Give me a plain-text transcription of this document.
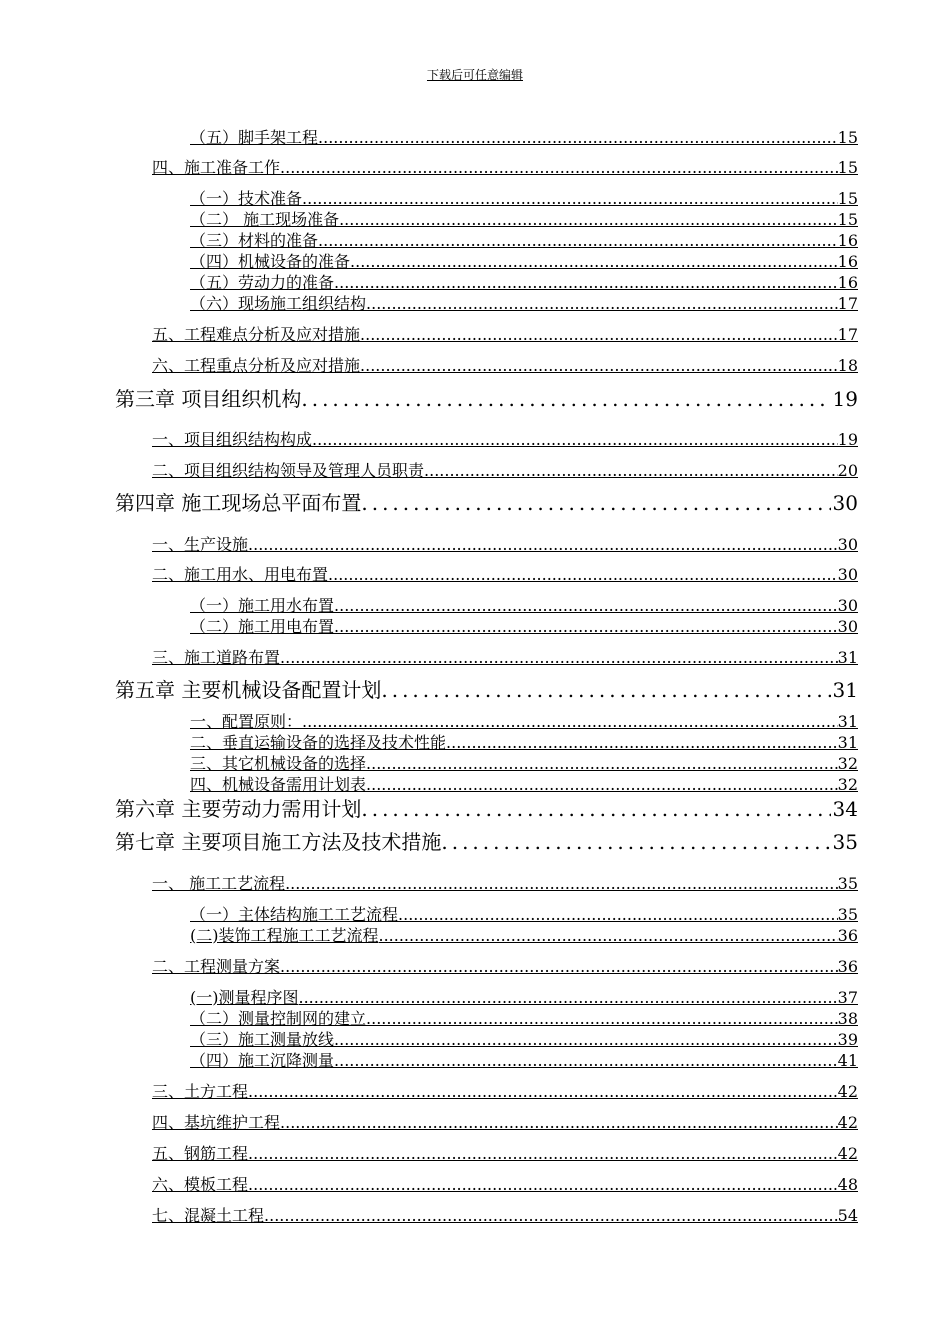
下载后可任意编辑
（五）脚手架工程 .....	15
四、施工准备工作 .....	15
（一）技术准备 .....	15
（二） 施工现场准备 .....	15
（三）材料的准备 .....	16
（四）机械设备的准备 .....	16
（五）劳动力的准备 .....	16
（六）现场施工组织结构 .....	17
五、工程难点分析及应对措施 .....	17
六、工程重点分析及应对措施 .....	18
第三章 项目组织机构 .....	19
一、项目组织结构构成 .....	19
二、项目组织结构领导及管理人员职责 .....	20
第四章 施工现场总平面布置 .....	30
一、生产设施 .....	30
二、施工用水、用电布置 .....	30
（一）施工用水布置 .....	30
（二）施工用电布置 .....	30
三、施工道路布置 .....	31
第五章 主要机械设备配置计划 .....	31
一、配置原则： .....	31
二、垂直运输设备的选择及技术性能 .....	31
三、其它机械设备的选择 .....	32
四、机械设备需用计划表 .....	32
第六章 主要劳动力需用计划 .....	34
第七章 主要项目施工方法及技术措施 .....	35
一、 施工工艺流程 .....	35
（一）主体结构施工工艺流程 .....	35
(二)装饰工程施工工艺流程 .....	36
二、工程测量方案 .....	36
(一)测量程序图 .....	37
（二）测量控制网的建立 .....	38
（三）施工测量放线 .....	39
（四）施工沉降测量 .....	41
三、土方工程 .....	42
四、基坑维护工程 .....	42
五、钢筋工程 .....	42
六、模板工程 .....	48
七、混凝土工程 .....	54
